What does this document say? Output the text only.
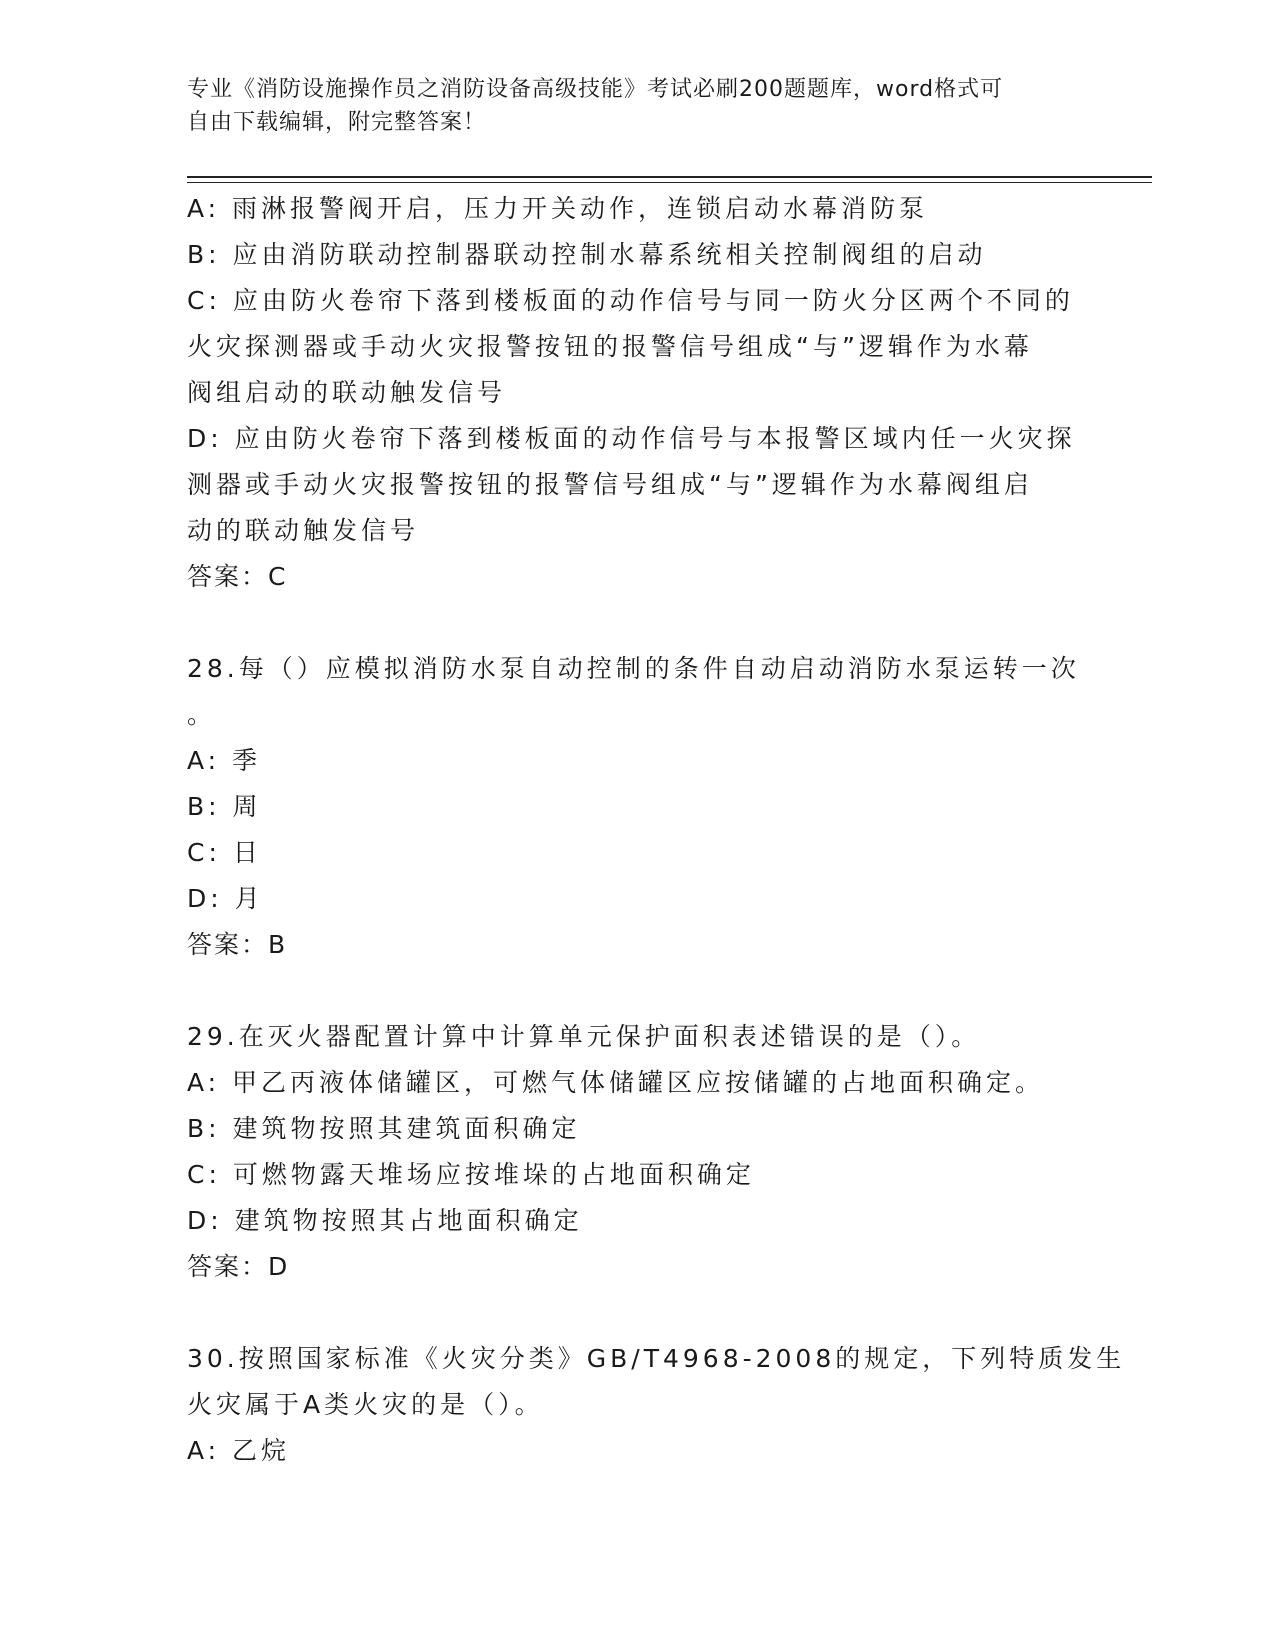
专业《消防设施操作员之消防设备高级技能》考试必刷200题题库，word格式可
自由下载编辑，附完整答案！
A: 雨淋报警阀开启，压力开关动作，连锁启动水幕消防泵
B: 应由消防联动控制器联动控制水幕系统相关控制阀组的启动
C: 应由防火卷帘下落到楼板面的动作信号与同一防火分区两个不同的
火灾探测器或手动火灾报警按钮的报警信号组成“与”逻辑作为水幕
阀组启动的联动触发信号
D: 应由防火卷帘下落到楼板面的动作信号与本报警区域内任一火灾探
测器或手动火灾报警按钮的报警信号组成“与”逻辑作为水幕阀组启
动的联动触发信号
答案：C
28.每（）应模拟消防水泵自动控制的条件自动启动消防水泵运转一次
。
A: 季
B: 周
C: 日
D: 月
答案：B
29.在灭火器配置计算中计算单元保护面积表述错误的是（）。
A: 甲乙丙液体储罐区，可燃气体储罐区应按储罐的占地面积确定。
B: 建筑物按照其建筑面积确定
C: 可燃物露天堆场应按堆垛的占地面积确定
D: 建筑物按照其占地面积确定
答案：D
30.按照国家标准《火灾分类》GB/T4968-2008的规定，下列特质发生
火灾属于A类火灾的是（）。
A: 乙烷
